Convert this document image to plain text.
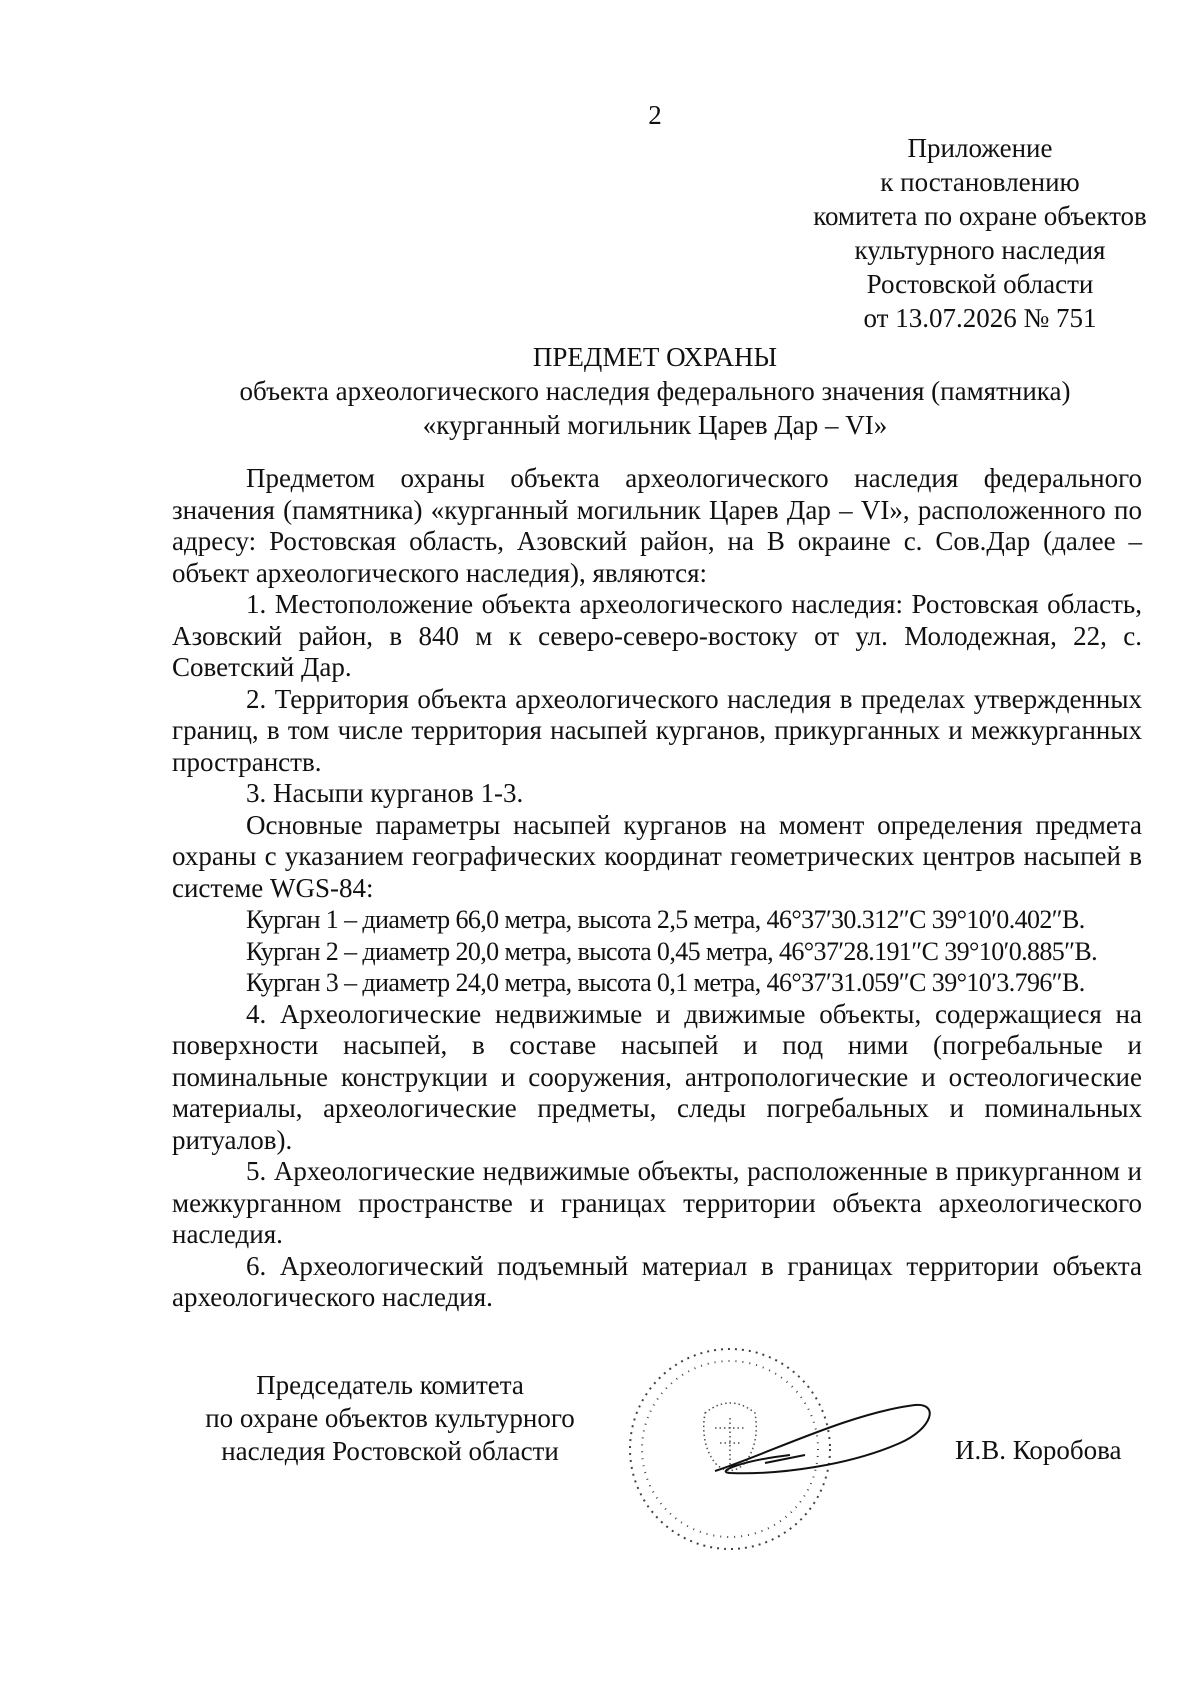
2
Приложение
к постановлению
комитета по охране объектов
культурного наследия
Ростовской области
от 13.07.2026 № 751
ПРЕДМЕТ ОХРАНЫ
объекта археологического наследия федерального значения (памятника)
«курганный могильник Царев Дар – VI»

Предметом охраны объекта археологического наследия федерального значения (памятника) «курганный могильник Царев Дар – VI», расположенного по адресу: Ростовская область, Азовский район, на В окраине с. Сов.Дар (далее – объект археологического наследия), являются:

1. Местоположение объекта археологического наследия: Ростовская область, Азовский район, в 840 м к северо-северо-востоку от ул. Молодежная, 22, с. Советский Дар.

2. Территория объекта археологического наследия в пределах утвержденных границ, в том числе территория насыпей курганов, прикурганных и межкурганных пространств.

3. Насыпи курганов 1-3.

Основные параметры насыпей курганов на момент определения предмета охраны с указанием географических координат геометрических центров насыпей в системе WGS-84:

Курган 1 – диаметр 66,0 метра, высота 2,5 метра, 46°37′30.312″С 39°10′0.402″В.

Курган 2 – диаметр 20,0 метра, высота 0,45 метра, 46°37′28.191″С 39°10′0.885″В.

Курган 3 – диаметр 24,0 метра, высота 0,1 метра, 46°37′31.059″С 39°10′3.796″В.

4. Археологические недвижимые и движимые объекты, содержащиеся на поверхности насыпей, в составе насыпей и под ними (погребальные и поминальные конструкции и сооружения, антропологические и остеологические материалы, археологические предметы, следы погребальных и поминальных ритуалов).

5. Археологические недвижимые объекты, расположенные в прикурганном и межкурганном пространстве и границах территории объекта археологического наследия.

6. Археологический подъемный материал в границах территории объекта археологического наследия.

Председатель комитета
по охране объектов культурного
наследия Ростовской области	И.В. Коробова
